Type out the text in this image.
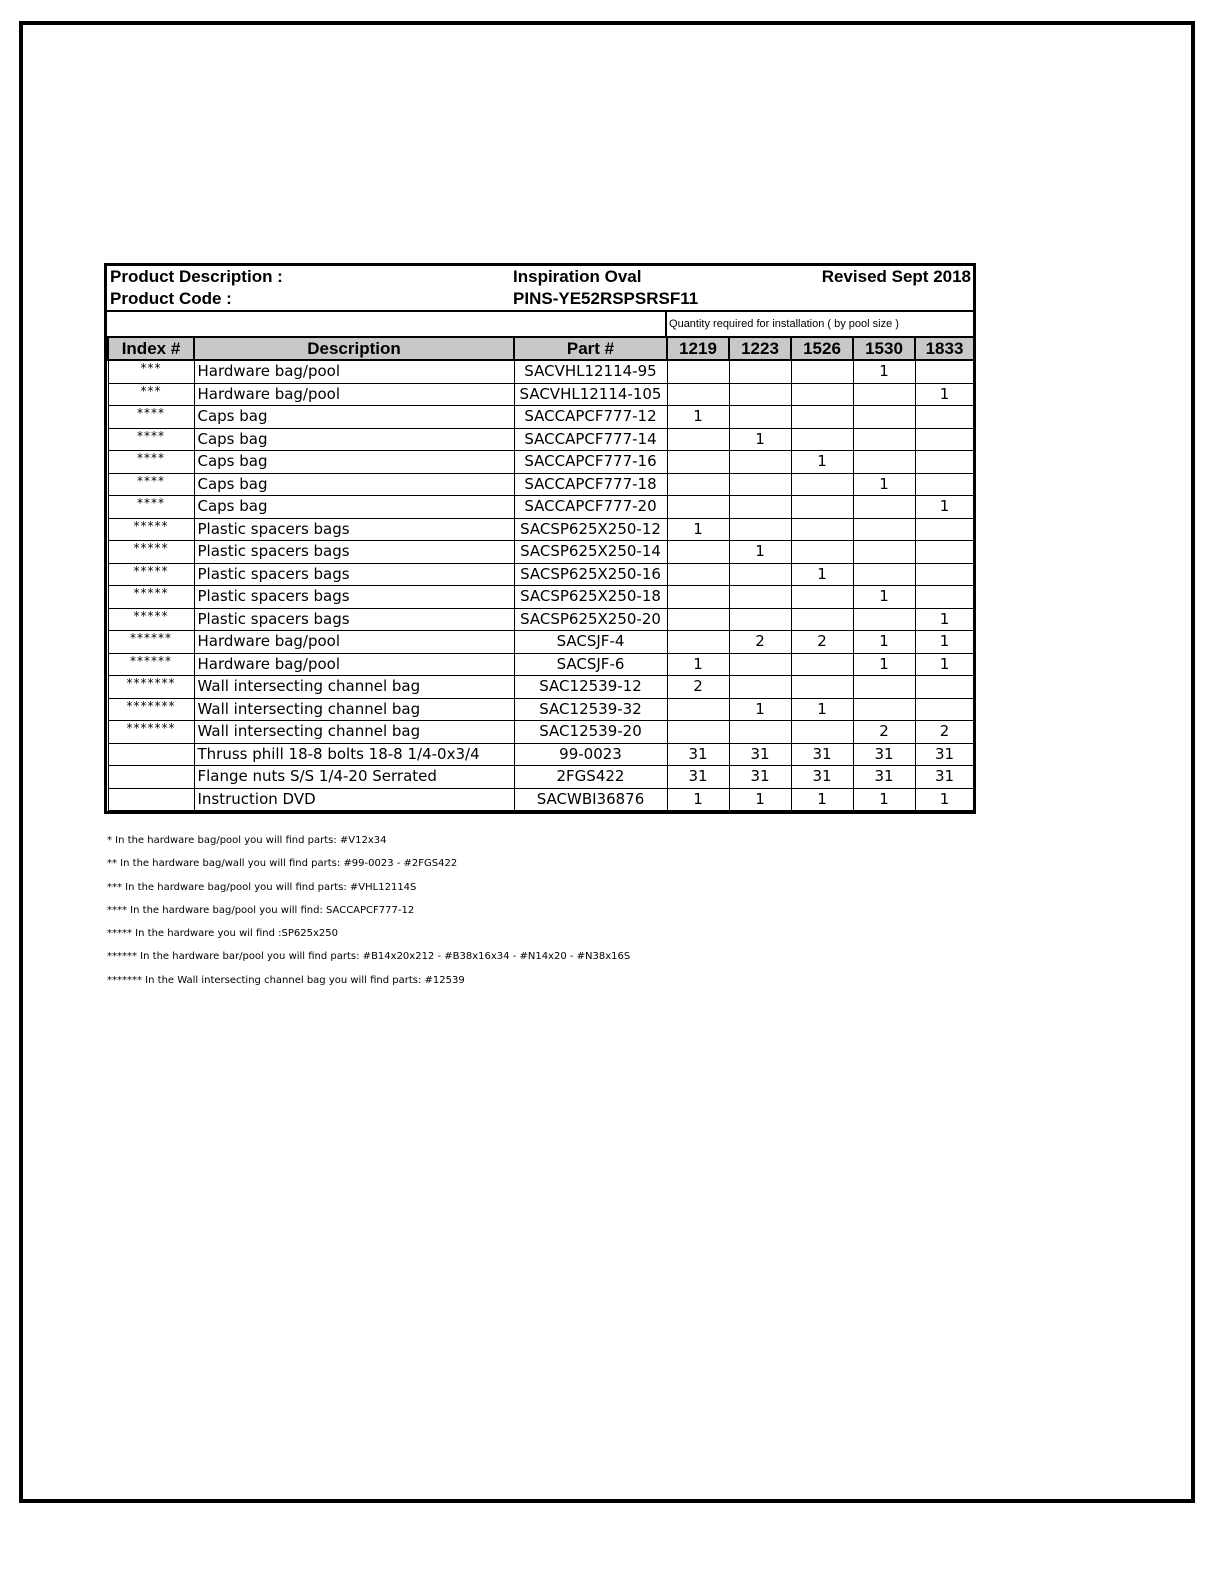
Product Description :	Inspiration Oval		Revised Sept 2018
Product Code :	PINS-YE52RSPSRSF11		
		Quantity required for installation ( by pool size )	
Index #	Description	Part #	1219	1223	1526	1530	1833
***	Hardware bag/pool	SACVHL12114-95				1	
***	Hardware bag/pool	SACVHL12114-105					1
****	Caps bag	SACCAPCF777-12	1				
****	Caps bag	SACCAPCF777-14		1			
****	Caps bag	SACCAPCF777-16			1		
****	Caps bag	SACCAPCF777-18				1	
****	Caps bag	SACCAPCF777-20					1
*****	Plastic spacers bags	SACSP625X250-12	1				
*****	Plastic spacers bags	SACSP625X250-14		1			
*****	Plastic spacers bags	SACSP625X250-16			1		
*****	Plastic spacers bags	SACSP625X250-18				1	
*****	Plastic spacers bags	SACSP625X250-20					1
******	Hardware bag/pool	SACSJF-4		2	2	1	1
******	Hardware bag/pool	SACSJF-6	1			1	1
*******	Wall intersecting channel bag	SAC12539-12	2				
*******	Wall intersecting channel bag	SAC12539-32		1	1		
*******	Wall intersecting channel bag	SAC12539-20				2	2
	Thruss phill 18-8 bolts 18-8 1/4-0x3/4	99-0023	31	31	31	31	31
	Flange nuts S/S 1/4-20 Serrated	2FGS422	31	31	31	31	31
	Instruction DVD	SACWBI36876	1	1	1	1	1
* In the hardware bag/pool you will find parts: #V12x34
** In the hardware bag/wall you will find parts: #99-0023 - #2FGS422
*** In the hardware bag/pool you will find parts: #VHL12114S
**** In the hardware bag/pool you will find: SACCAPCF777-12
***** In the hardware you wil find :SP625x250
****** In the hardware bar/pool you will find parts: #B14x20x212 - #B38x16x34 - #N14x20 - #N38x16S
******* In the Wall intersecting channel bag you will find parts: #12539
